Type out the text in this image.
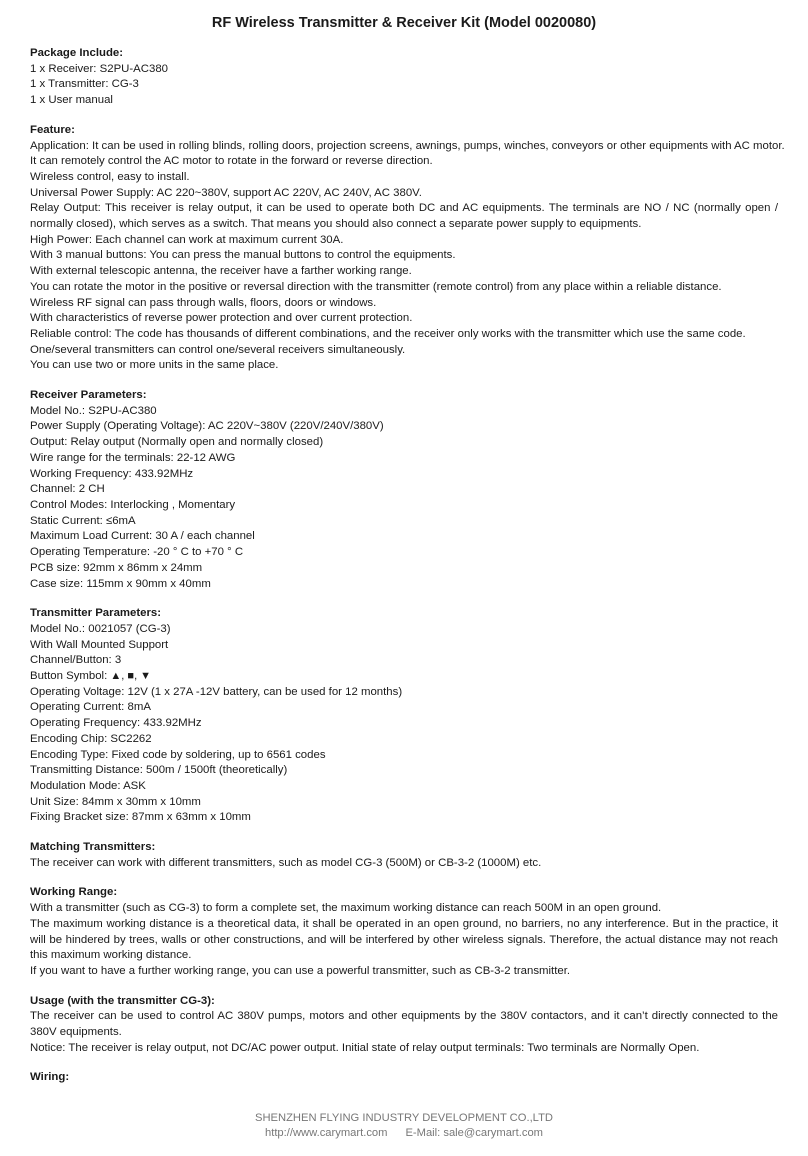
RF Wireless Transmitter & Receiver Kit (Model 0020080)
Package Include:
1 x Receiver: S2PU-AC380
1 x Transmitter: CG-3
1 x User manual
Feature:
Application: It can be used in rolling blinds, rolling doors, projection screens, awnings, pumps, winches, conveyors or other equipments with AC motor.
It can remotely control the AC motor to rotate in the forward or reverse direction.
Wireless control, easy to install.
Universal Power Supply: AC 220~380V, support AC 220V, AC 240V, AC 380V.
Relay Output: This receiver is relay output, it can be used to operate both DC and AC equipments. The terminals are NO / NC (normally open / normally closed), which serves as a switch. That means you should also connect a separate power supply to equipments.
High Power: Each channel can work at maximum current 30A.
With 3 manual buttons: You can press the manual buttons to control the equipments.
With external telescopic antenna, the receiver have a farther working range.
You can rotate the motor in the positive or reversal direction with the transmitter (remote control) from any place within a reliable distance.
Wireless RF signal can pass through walls, floors, doors or windows.
With characteristics of reverse power protection and over current protection.
Reliable control: The code has thousands of different combinations, and the receiver only works with the transmitter which use the same code.
One/several transmitters can control one/several receivers simultaneously.
You can use two or more units in the same place.
Receiver Parameters:
Model No.: S2PU-AC380
Power Supply (Operating Voltage): AC 220V~380V (220V/240V/380V)
Output: Relay output (Normally open and normally closed)
Wire range for the terminals: 22-12 AWG
Working Frequency: 433.92MHz
Channel: 2 CH
Control Modes: Interlocking , Momentary
Static Current: ≤6mA
Maximum Load Current: 30 A / each channel
Operating Temperature: -20 ° C to +70 ° C
PCB size: 92mm x 86mm x 24mm
Case size: 115mm x 90mm x 40mm
Transmitter Parameters:
Model No.: 0021057 (CG-3)
With Wall Mounted Support
Channel/Button: 3
Button Symbol: ▲, ■, ▼
Operating Voltage: 12V (1 x 27A -12V battery, can be used for 12 months)
Operating Current: 8mA
Operating Frequency: 433.92MHz
Encoding Chip: SC2262
Encoding Type: Fixed code by soldering, up to 6561 codes
Transmitting Distance: 500m / 1500ft (theoretically)
Modulation Mode: ASK
Unit Size: 84mm x 30mm x 10mm
Fixing Bracket size: 87mm x 63mm x 10mm
Matching Transmitters:
The receiver can work with different transmitters, such as model CG-3 (500M) or CB-3-2 (1000M) etc.
Working Range:
With a transmitter (such as CG-3) to form a complete set, the maximum working distance can reach 500M in an open ground.
The maximum working distance is a theoretical data, it shall be operated in an open ground, no barriers, no any interference. But in the practice, it will be hindered by trees, walls or other constructions, and will be interfered by other wireless signals. Therefore, the actual distance may not reach this maximum working distance.
If you want to have a further working range, you can use a powerful transmitter, such as CB-3-2 transmitter.
Usage (with the transmitter CG-3):
The receiver can be used to control AC 380V pumps, motors and other equipments by the 380V contactors, and it can’t directly connected to the 380V equipments.
Notice: The receiver is relay output, not DC/AC power output. Initial state of relay output terminals: Two terminals are Normally Open.
Wiring:
SHENZHEN FLYING INDUSTRY DEVELOPMENT CO.,LTD
http://www.carymart.com E-Mail: sale@carymart.com
